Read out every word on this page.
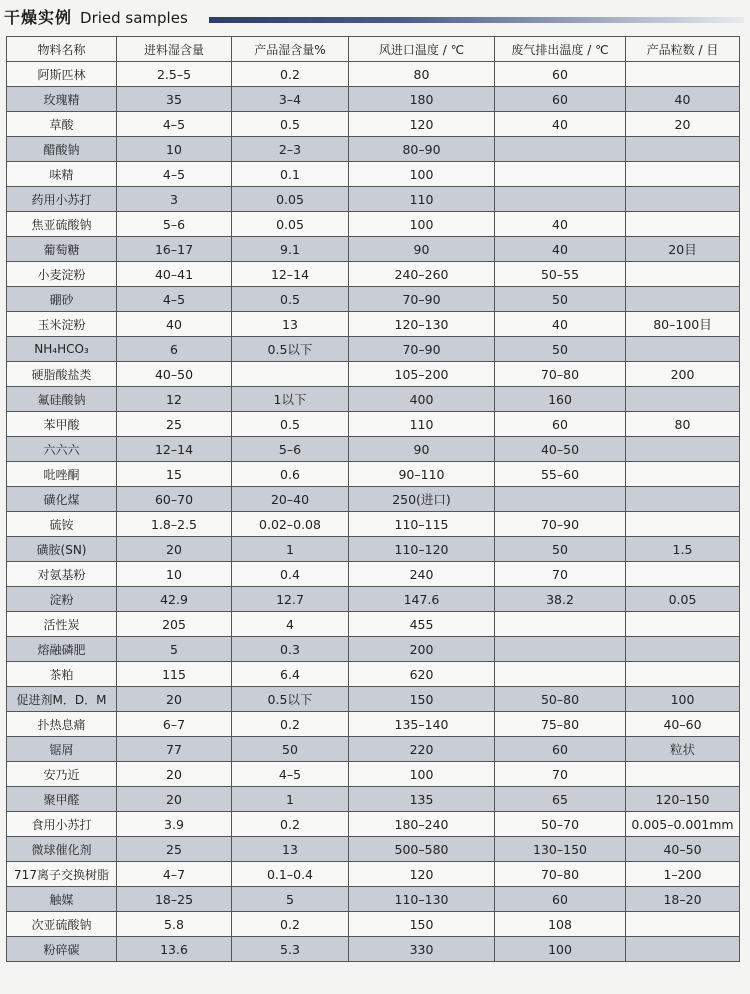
干燥实例 Dried samples
物料名称	进料湿含量	产品湿含量%	风进口温度 / ℃	废气排出温度 / ℃	产品粒数 / 目
阿斯匹林	2.5–5	0.2	80	60	
玫瑰精	35	3–4	180	60	40
草酸	4–5	0.5	120	40	20
醋酸钠	10	2–3	80–90		
味精	4–5	0.1	100		
药用小苏打	3	0.05	110		
焦亚硫酸钠	5–6	0.05	100	40	
葡萄糖	16–17	9.1	90	40	20目
小麦淀粉	40–41	12–14	240–260	50–55	
硼砂	4–5	0.5	70–90	50	
玉米淀粉	40	13	120–130	40	80–100目
NH₄HCO₃	6	0.5以下	70–90	50	
硬脂酸盐类	40–50		105–200	70–80	200
氟硅酸钠	12	1以下	400	160	
苯甲酸	25	0.5	110	60	80
六六六	12–14	5–6	90	40–50	
吡唑酮	15	0.6	90–110	55–60	
磺化煤	60–70	20–40	250(进口)		
硫铵	1.8–2.5	0.02–0.08	110–115	70–90	
磺胺(SN)	20	1	110–120	50	1.5
对氨基粉	10	0.4	240	70	
淀粉	42.9	12.7	147.6	38.2	0.05
活性炭	205	4	455		
熔融磷肥	5	0.3	200		
茶粕	115	6.4	620		
促进剂M．D．M	20	0.5以下	150	50–80	100
扑热息痛	6–7	0.2	135–140	75–80	40–60
锯屑	77	50	220	60	粒状
安乃近	20	4–5	100	70	
聚甲醛	20	1	135	65	120–150
食用小苏打	3.9	0.2	180–240	50–70	0.005–0.001mm
微球催化剂	25	13	500–580	130–150	40–50
717离子交换树脂	4–7	0.1–0.4	120	70–80	1–200
触媒	18–25	5	110–130	60	18–20
次亚硫酸钠	5.8	0.2	150	108	
粉碎碳	13.6	5.3	330	100	
